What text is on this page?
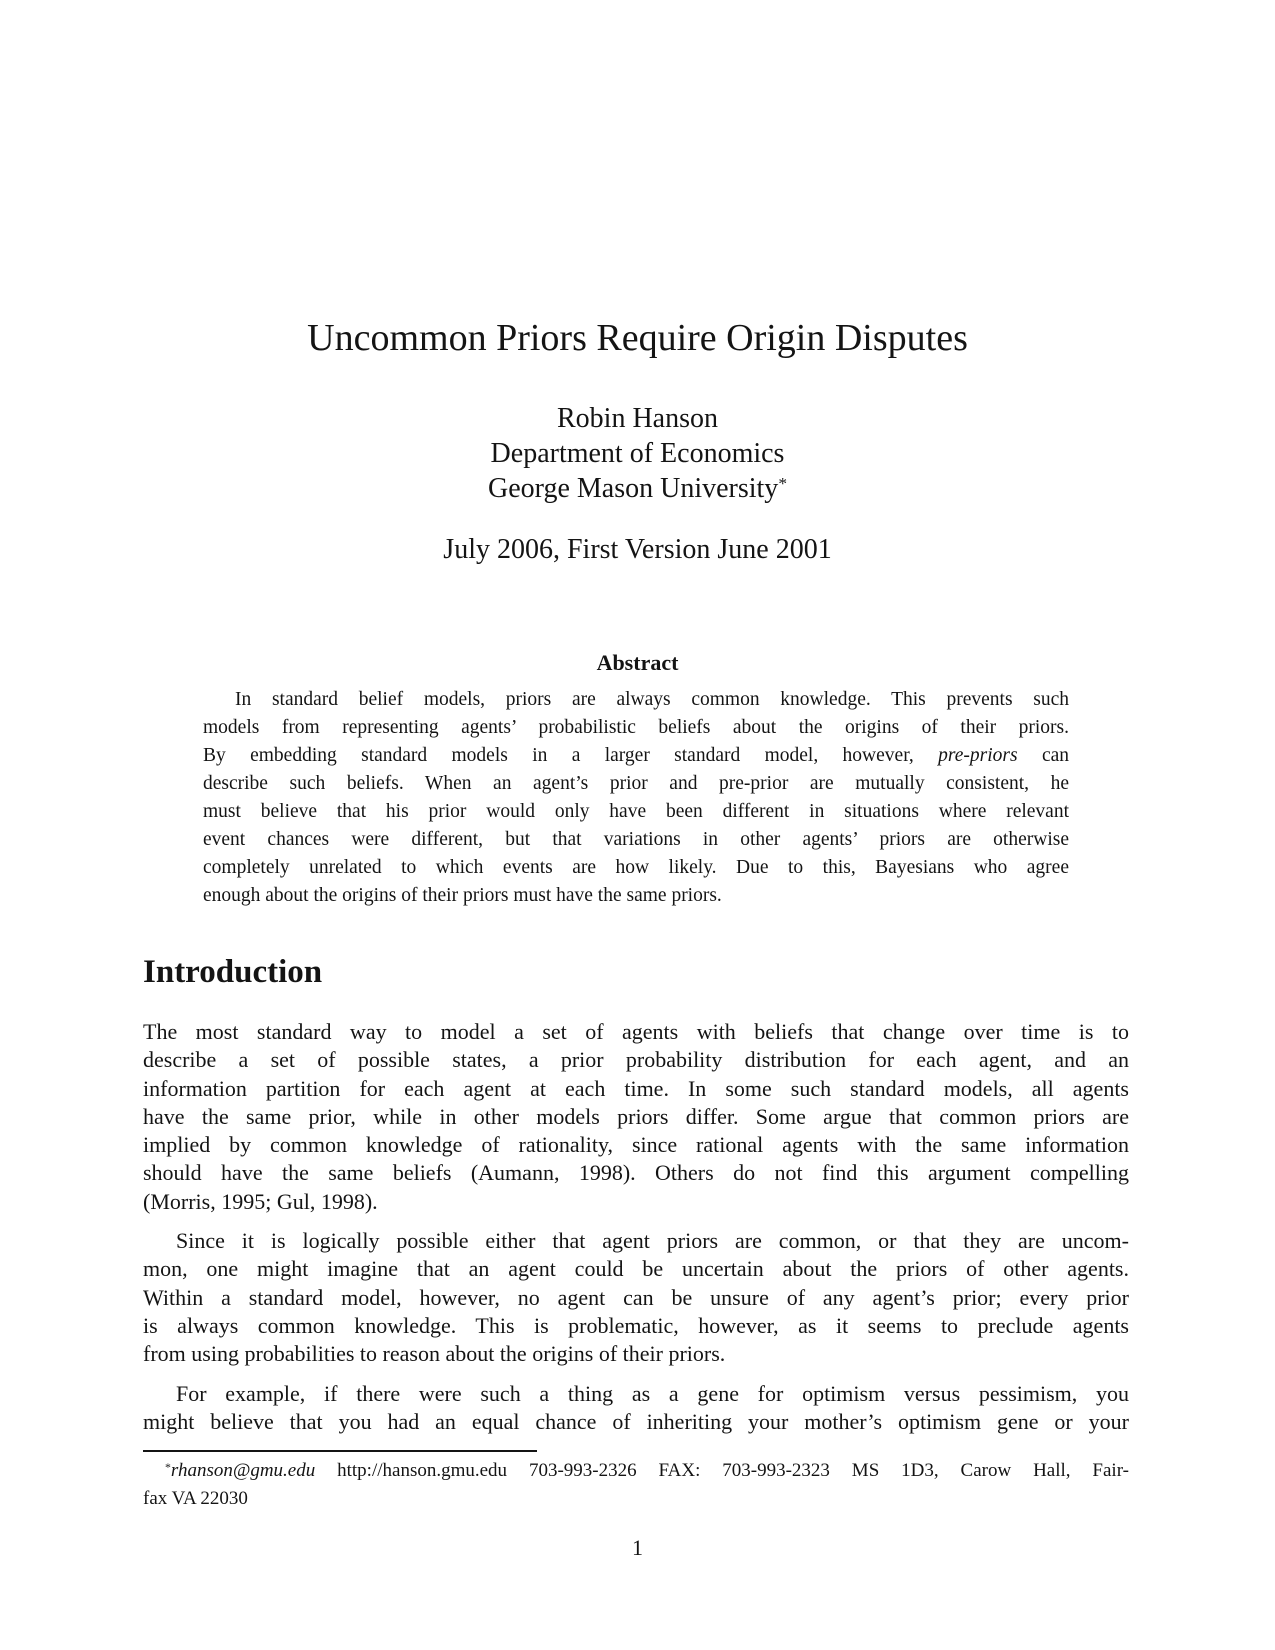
Uncommon Priors Require Origin Disputes
Robin Hanson
Department of Economics
George Mason University*
July 2006, First Version June 2001
Abstract
In standard belief models, priors are always common knowledge. This prevents such
models from representing agents’ probabilistic beliefs about the origins of their priors.
By embedding standard models in a larger standard model, however, pre-priors can
describe such beliefs. When an agent’s prior and pre-prior are mutually consistent, he
must believe that his prior would only have been different in situations where relevant
event chances were different, but that variations in other agents’ priors are otherwise
completely unrelated to which events are how likely. Due to this, Bayesians who agree
enough about the origins of their priors must have the same priors.
Introduction
The most standard way to model a set of agents with beliefs that change over time is to
describe a set of possible states, a prior probability distribution for each agent, and an
information partition for each agent at each time. In some such standard models, all agents
have the same prior, while in other models priors differ. Some argue that common priors are
implied by common knowledge of rationality, since rational agents with the same information
should have the same beliefs (Aumann, 1998). Others do not find this argument compelling
(Morris, 1995; Gul, 1998).
Since it is logically possible either that agent priors are common, or that they are uncom-
mon, one might imagine that an agent could be uncertain about the priors of other agents.
Within a standard model, however, no agent can be unsure of any agent’s prior; every prior
is always common knowledge. This is problematic, however, as it seems to preclude agents
from using probabilities to reason about the origins of their priors.
For example, if there were such a thing as a gene for optimism versus pessimism, you
might believe that you had an equal chance of inheriting your mother’s optimism gene or your
*rhanson@gmu.edu http://hanson.gmu.edu 703-993-2326 FAX: 703-993-2323 MS 1D3, Carow Hall, Fair-
fax VA 22030
1
